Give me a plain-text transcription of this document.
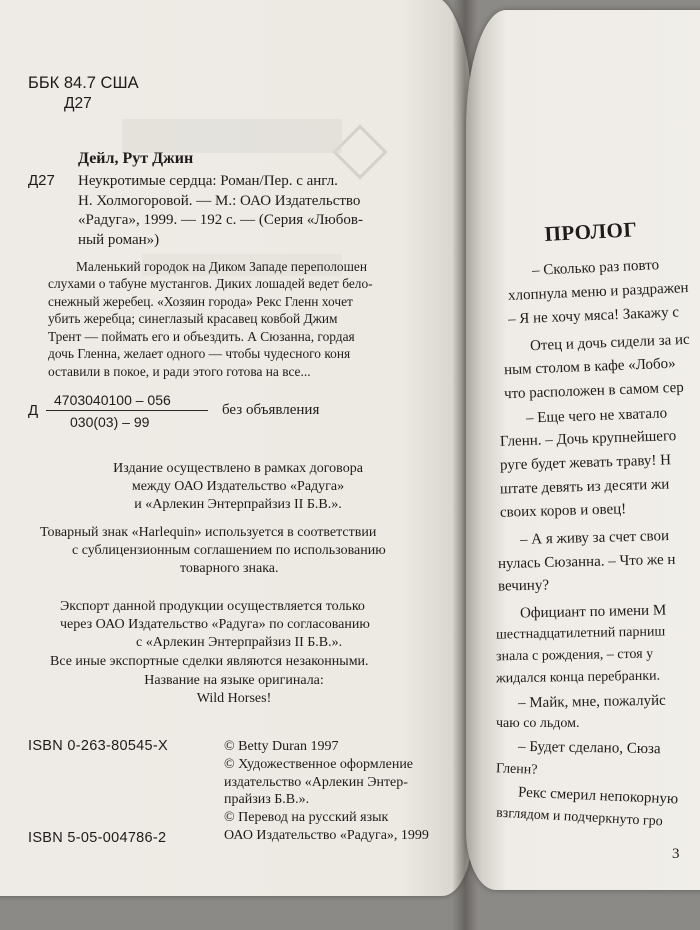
ББК 84.7 США
Д27
Дейл, Рут Джин
Д27 Неукротимые сердца: Роман/Пер. с англ.
Н. Холмогоровой. — М.: ОАО Издательство
«Радуга», 1999. — 192 с. — (Серия «Любов-
ный роман»)
Маленький городок на Диком Западе переполошен
слухами о табуне мустангов. Диких лошадей ведет бело-
снежный жеребец. «Хозяин города» Рекс Гленн хочет
убить жеребца; синеглазый красавец ковбой Джим
Трент — поймать его и объездить. А Сюзанна, гордая
дочь Гленна, желает одного — чтобы чудесного коня
оставили в покое, и ради этого готова на все...
Д
4703040100 – 056
030(03) – 99
без объявления
Издание осуществлено в рамках договора
между ОАО Издательство «Радуга»
и «Арлекин Энтерпрайзиз II Б.В.».
Товарный знак «Harlequin» используется в соответствии
с сублицензионным соглашением по использованию
товарного знака.
Экспорт данной продукции осуществляется только
через ОАО Издательство «Радуга» по согласованию
с «Арлекин Энтерпрайзиз II Б.В.».
Все иные экспортные сделки являются незаконными.
Название на языке оригинала:
Wild Horses!
ISBN 0-263-80545-X
ISBN 5-05-004786-2
© Betty Duran 1997
© Художественное оформление
издательство «Арлекин Энтер-
прайзиз Б.В.».
© Перевод на русский язык
ОАО Издательство «Радуга», 1999
ПРОЛОГ
– Сколько раз повто
хлопнула меню и раздражен
– Я не хочу мяса! Закажу с
Отец и дочь сидели за ис
ным столом в кафе «Лобо»
что расположен в самом сер
– Еще чего не хватало
Гленн. – Дочь крупнейшего
руге будет жевать траву! Н
штате девять из десяти жи
своих коров и овец!
– А я живу за счет свои
нулась Сюзанна. – Что же н
вечину?
Официант по имени М
шестнадцатилетний парниш
знала с рождения, – стоя у
жидался конца перебранки.
– Майк, мне, пожалуйс
чаю со льдом.
– Будет сделано, Сюза
Гленн?
Рекс смерил непокорную
взглядом и подчеркнуто гро
3
